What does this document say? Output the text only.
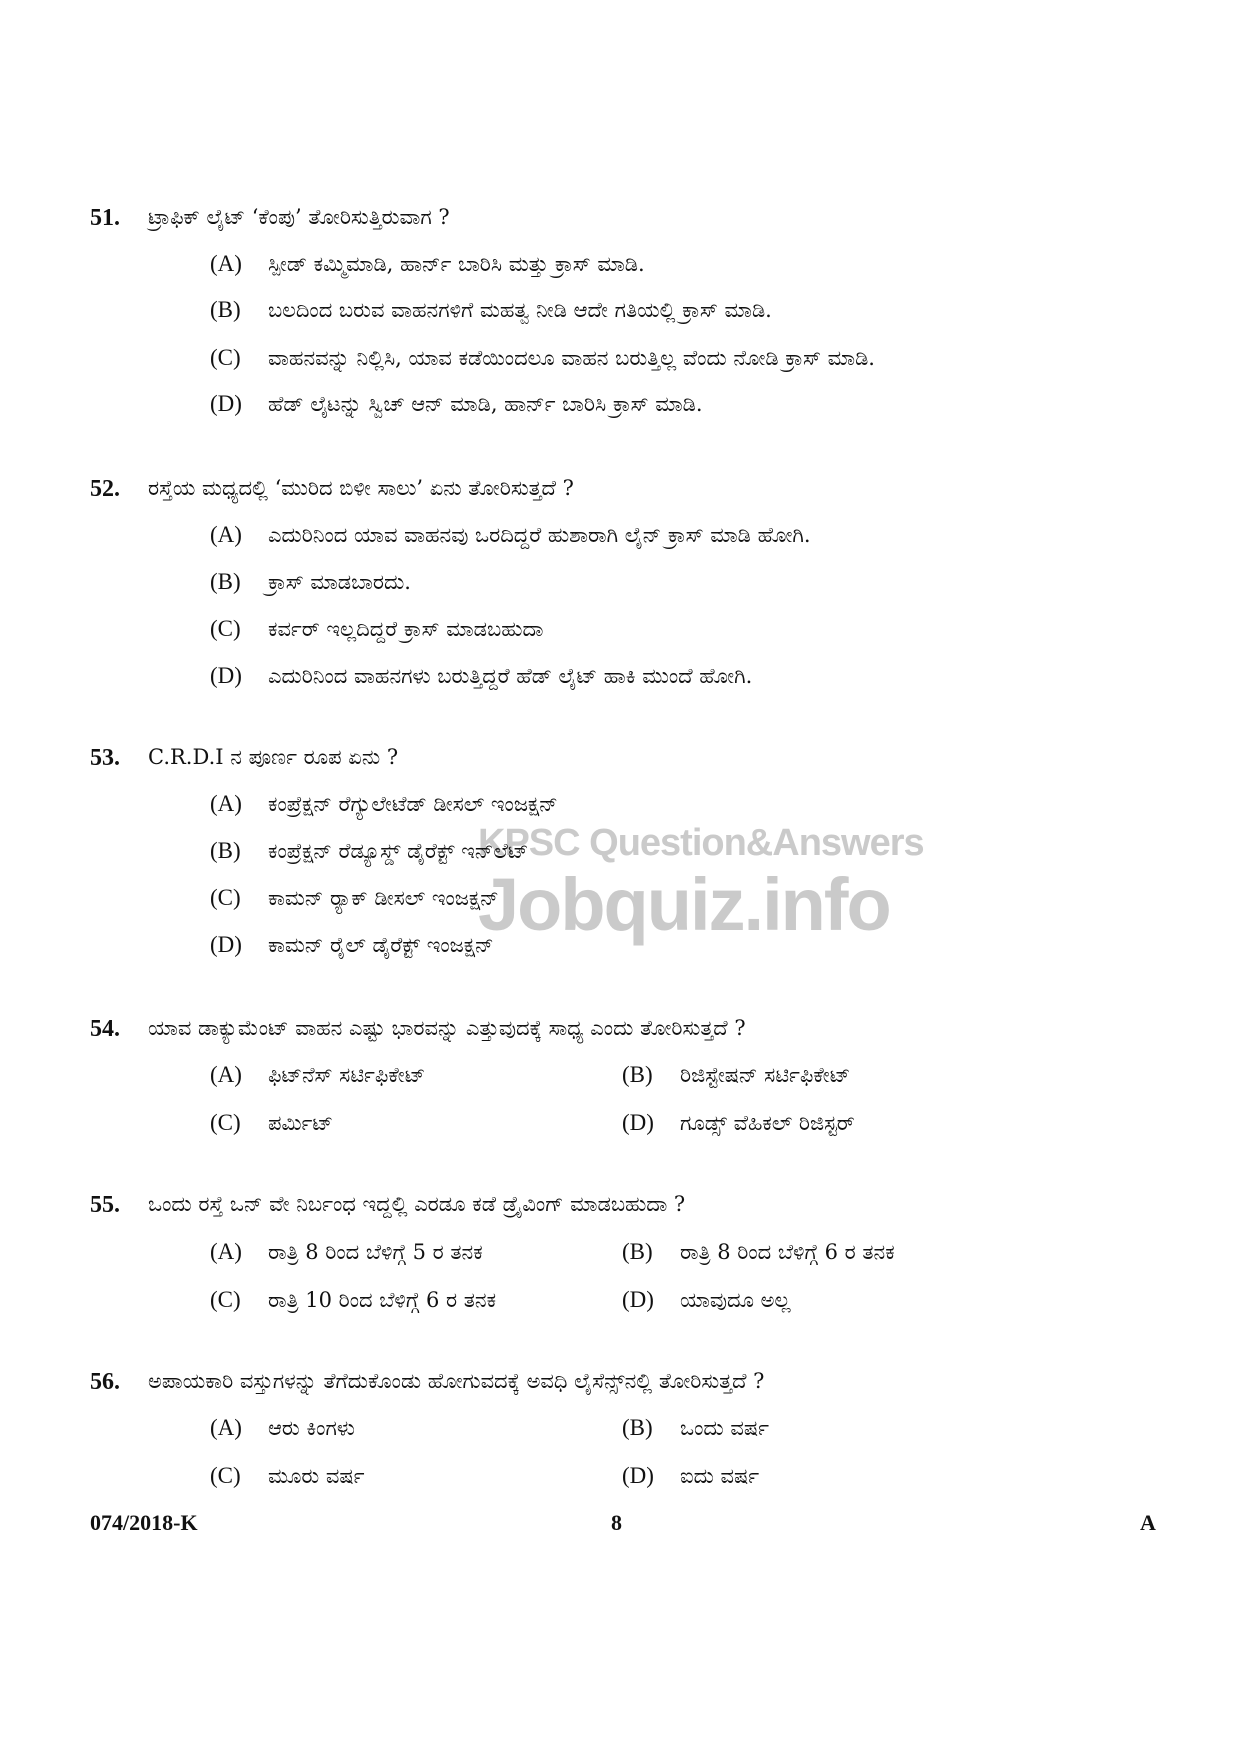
KPSC Question&Answers
Jobquiz.info
51. ಟ್ರಾಫಿಕ್ ಲೈಟ್ ‘ಕೆಂಪು’ ತೋರಿಸುತ್ತಿರುವಾಗ ?
(A) ಸ್ಪೀಡ್ ಕಮ್ಮಿಮಾಡಿ, ಹಾರ್ನ್ ಬಾರಿಸಿ ಮತ್ತು ಕ್ರಾಸ್ ಮಾಡಿ.
(B) ಬಲದಿಂದ ಬರುವ ವಾಹನಗಳಿಗೆ ಮಹತ್ವ ನೀಡಿ ಆದೇ ಗತಿಯಲ್ಲಿ ಕ್ರಾಸ್ ಮಾಡಿ.
(C) ವಾಹನವನ್ನು ನಿಲ್ಲಿಸಿ, ಯಾವ ಕಡೆಯಿಂದಲೂ ವಾಹನ ಬರುತ್ತಿಲ್ಲ ವೆಂದು ನೋಡಿ ಕ್ರಾಸ್ ಮಾಡಿ.
(D) ಹೆಡ್ ಲೈಟನ್ನು ಸ್ವಿಚ್ ಆನ್ ಮಾಡಿ, ಹಾರ್ನ್ ಬಾರಿಸಿ ಕ್ರಾಸ್ ಮಾಡಿ.
52. ರಸ್ತೆಯ ಮಧ್ಯದಲ್ಲಿ ‘ಮುರಿದ ಬಿಳೀ ಸಾಲು’ ಏನು ತೋರಿಸುತ್ತದೆ ?
(A) ಎದುರಿನಿಂದ ಯಾವ ವಾಹನವು ಒರದಿದ್ದರೆ ಹುಶಾರಾಗಿ ಲೈನ್ ಕ್ರಾಸ್ ಮಾಡಿ ಹೋಗಿ.
(B) ಕ್ರಾಸ್ ಮಾಡಬಾರದು.
(C) ಕರ್ವರ್ ಇಲ್ಲದಿದ್ದರೆ ಕ್ರಾಸ್ ಮಾಡಬಹುದಾ
(D) ಎದುರಿನಿಂದ ವಾಹನಗಳು ಬರುತ್ತಿದ್ದರೆ ಹೆಡ್ ಲೈಟ್ ಹಾಕಿ ಮುಂದೆ ಹೋಗಿ.
53. C.R.D.I ನ ಪೂರ್ಣ ರೂಪ ಏನು ?
(A) ಕಂಪ್ರೆಕ್ಷನ್ ರೆಗ್ಯುಲೇಟೆಡ್ ಡೀಸಲ್ ಇಂಜಕ್ಷನ್
(B) ಕಂಪ್ರೆಕ್ಷನ್ ರೆಡ್ಯೂಸ್ಡ್ ಡೈರೆಕ್ಟ್ ಇನ್‌ಲೆಟ್
(C) ಕಾಮನ್ ರ್‍ಯಾಕ್ ಡೀಸಲ್ ಇಂಜಕ್ಷನ್
(D) ಕಾಮನ್ ರೈಲ್ ಡೈರೆಕ್ಟ್ ಇಂಜಕ್ಷನ್
54. ಯಾವ ಡಾಕ್ಯುಮೆಂಟ್ ವಾಹನ ಎಷ್ಟು ಭಾರವನ್ನು ಎತ್ತುವುದಕ್ಕೆ ಸಾಧ್ಯ ಎಂದು ತೋರಿಸುತ್ತದೆ ?
(A) ಫಿಟ್‌ನೆಸ್ ಸರ್ಟಿಫಿಕೇಟ್	(B) ರಿಜಿಸ್ಟೇಷನ್ ಸರ್ಟಿಫಿಕೇಟ್
(C) ಪರ್ಮಿಟ್	(D) ಗೂಡ್ಸ್ ವೆಹಿಕಲ್ ರಿಜಿಸ್ಟರ್
55. ಒಂದು ರಸ್ತೆ ಒನ್ ವೇ ನಿರ್ಬಂಧ ಇದ್ದಲ್ಲಿ ಎರಡೂ ಕಡೆ ಡ್ರೈವಿಂಗ್ ಮಾಡಬಹುದಾ ?
(A) ರಾತ್ರಿ 8 ರಿಂದ ಬೆಳಿಗ್ಗೆ 5 ರ ತನಕ	(B) ರಾತ್ರಿ 8 ರಿಂದ ಬೆಳಿಗ್ಗೆ 6 ರ ತನಕ
(C) ರಾತ್ರಿ 10 ರಿಂದ ಬೆಳಿಗ್ಗೆ 6 ರ ತನಕ	(D) ಯಾವುದೂ ಅಲ್ಲ
56. ಅಪಾಯಕಾರಿ ವಸ್ತುಗಳನ್ನು ತೆಗೆದುಕೊಂಡು ಹೋಗುವದಕ್ಕೆ ಅವಧಿ ಲೈಸೆನ್ಸ್‌ನಲ್ಲಿ ತೋರಿಸುತ್ತದೆ ?
(A) ಆರು ಕಿಂಗಳು	(B) ಒಂದು ವರ್ಷ
(C) ಮೂರು ವರ್ಷ	(D) ಐದು ವರ್ಷ
074/2018-K	8	A
